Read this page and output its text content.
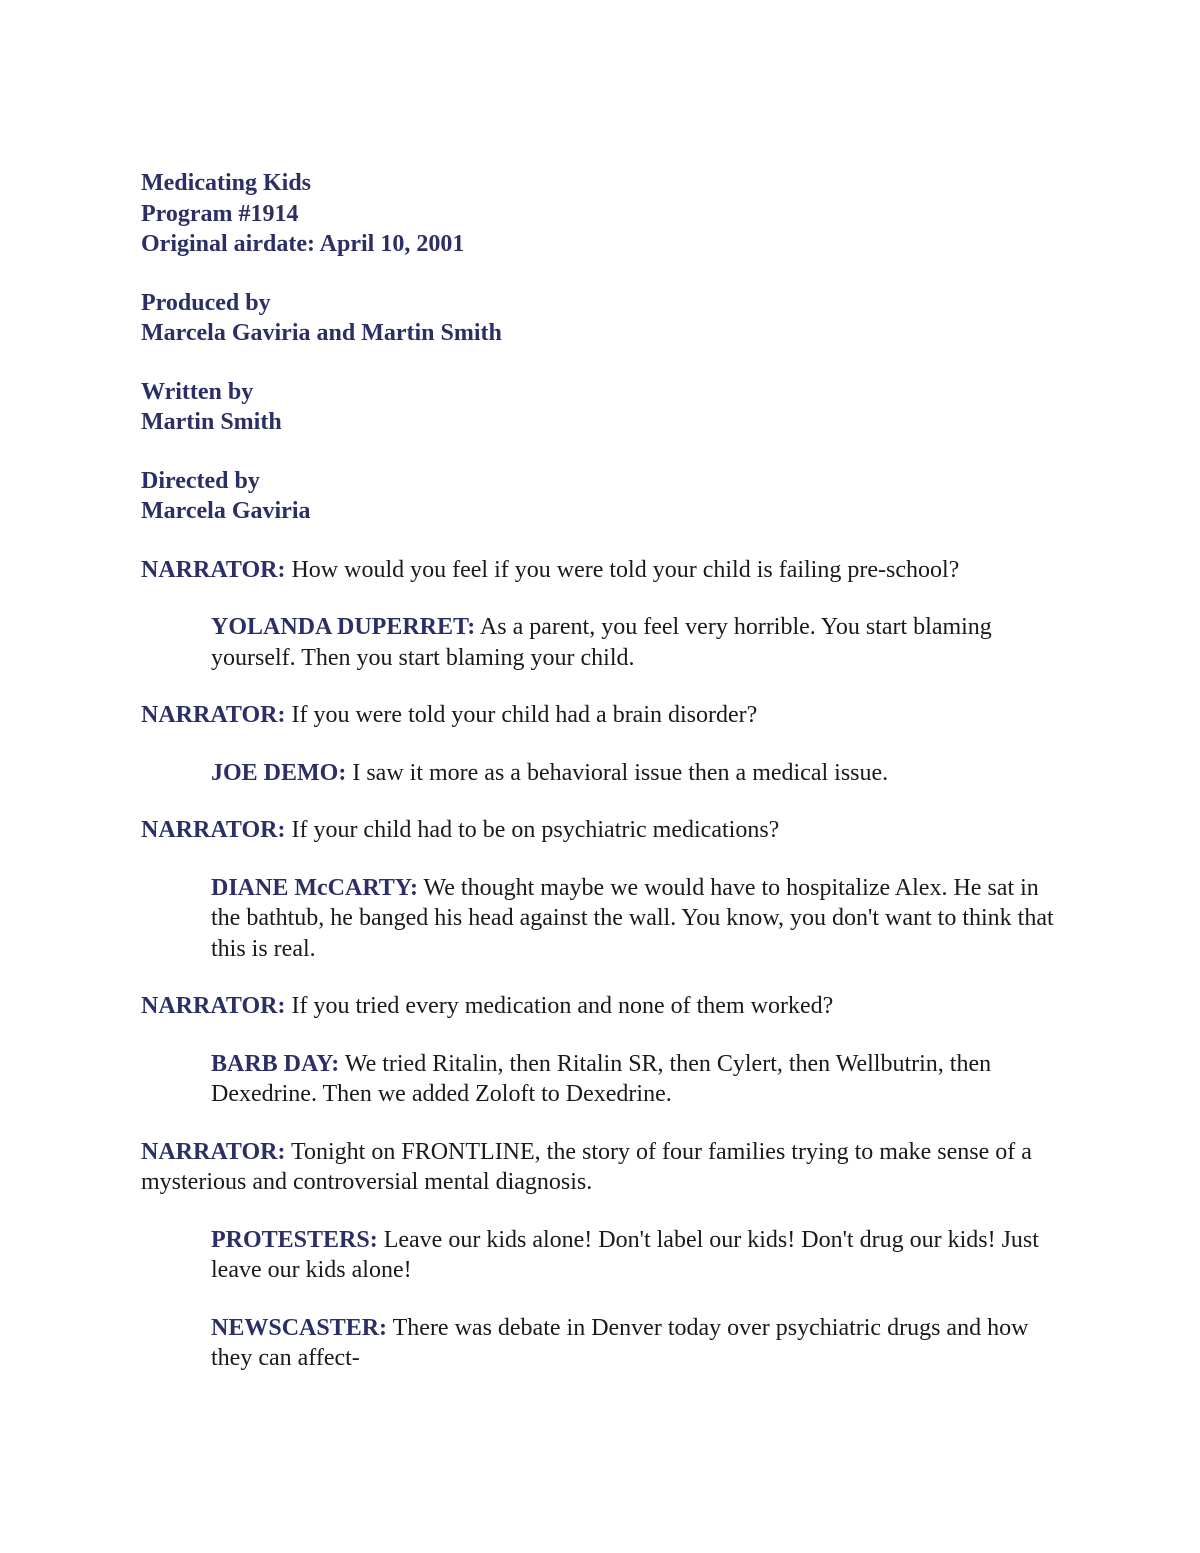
Medicating Kids
Program #1914
Original airdate: April 10, 2001
Produced by
Marcela Gaviria and Martin Smith
Written by
Martin Smith
Directed by
Marcela Gaviria

NARRATOR: How would you feel if you were told your child is failing pre-school?

YOLANDA DUPERRET: As a parent, you feel very horrible. You start blaming yourself. Then you start blaming your child.

NARRATOR: If you were told your child had a brain disorder?

JOE DEMO: I saw it more as a behavioral issue then a medical issue.

NARRATOR: If your child had to be on psychiatric medications?

DIANE McCARTY: We thought maybe we would have to hospitalize Alex. He sat in the bathtub, he banged his head against the wall. You know, you don't want to think that this is real.

NARRATOR: If you tried every medication and none of them worked?

BARB DAY: We tried Ritalin, then Ritalin SR, then Cylert, then Wellbutrin, then Dexedrine. Then we added Zoloft to Dexedrine.

NARRATOR: Tonight on FRONTLINE, the story of four families trying to make sense of a mysterious and controversial mental diagnosis.

PROTESTERS: Leave our kids alone! Don't label our kids! Don't drug our kids! Just leave our kids alone!

NEWSCASTER: There was debate in Denver today over psychiatric drugs and how they can affect-
